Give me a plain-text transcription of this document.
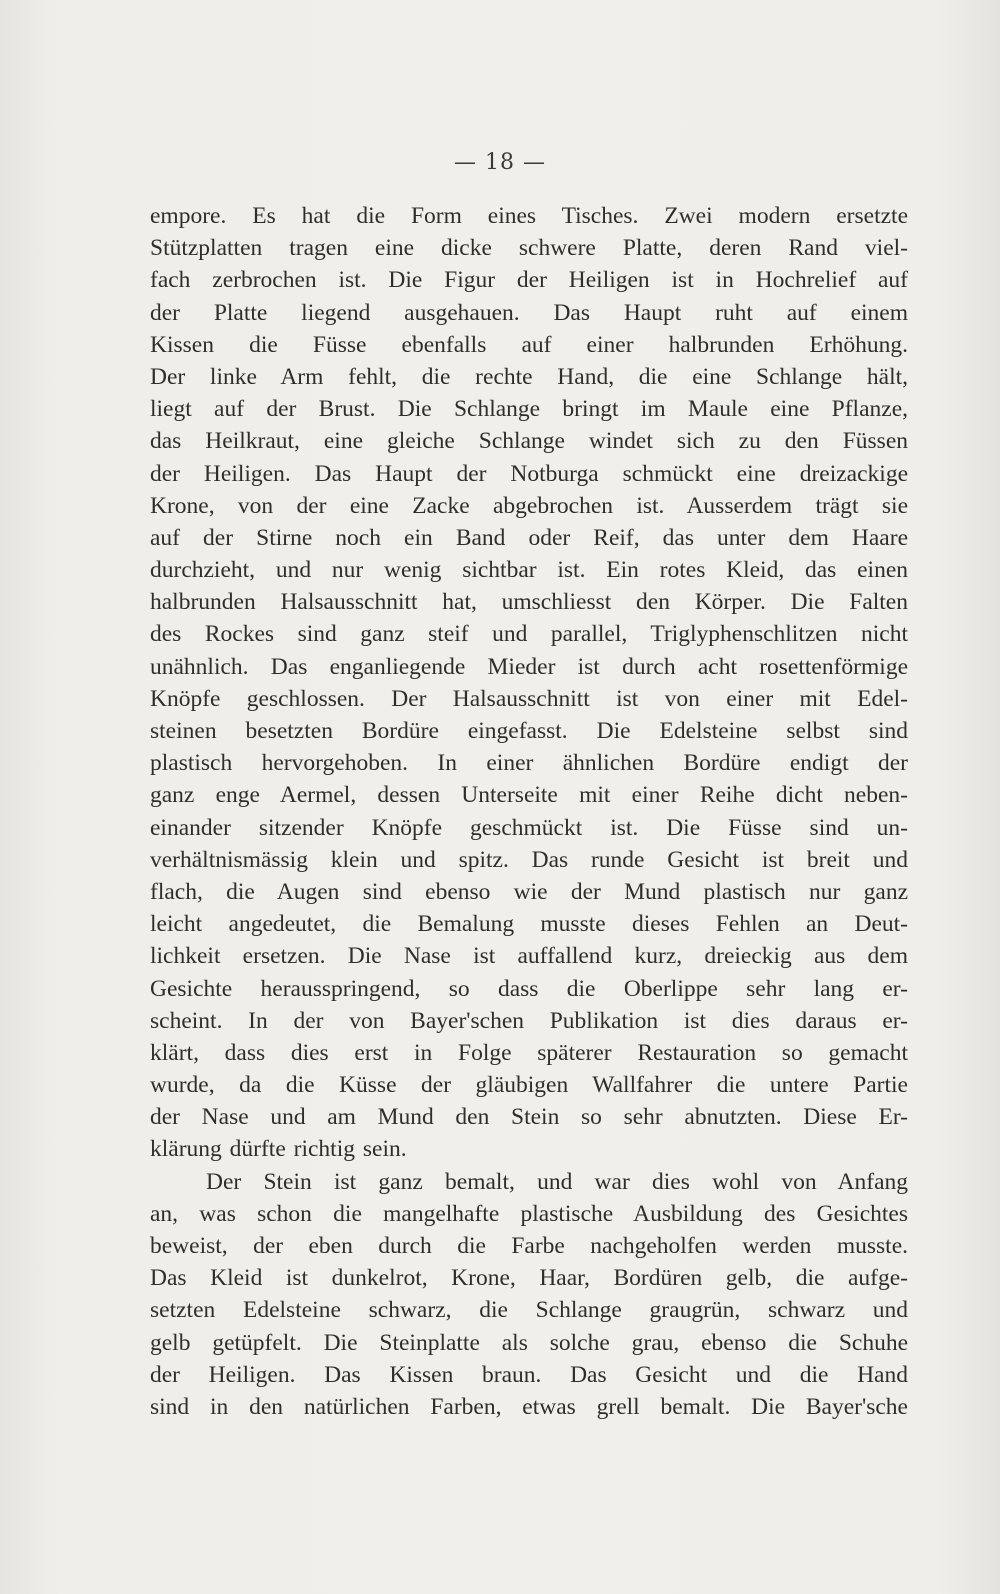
— 18 —
empore. Es hat die Form eines Tisches. Zwei modern ersetzte
Stützplatten tragen eine dicke schwere Platte, deren Rand viel-
fach zerbrochen ist. Die Figur der Heiligen ist in Hochrelief auf
der Platte liegend ausgehauen. Das Haupt ruht auf einem
Kissen die Füsse ebenfalls auf einer halbrunden Erhöhung.
Der linke Arm fehlt, die rechte Hand, die eine Schlange hält,
liegt auf der Brust. Die Schlange bringt im Maule eine Pflanze,
das Heilkraut, eine gleiche Schlange windet sich zu den Füssen
der Heiligen. Das Haupt der Notburga schmückt eine dreizackige
Krone, von der eine Zacke abgebrochen ist. Ausserdem trägt sie
auf der Stirne noch ein Band oder Reif, das unter dem Haare
durchzieht, und nur wenig sichtbar ist. Ein rotes Kleid, das einen
halbrunden Halsausschnitt hat, umschliesst den Körper. Die Falten
des Rockes sind ganz steif und parallel, Triglyphenschlitzen nicht
unähnlich. Das enganliegende Mieder ist durch acht rosettenförmige
Knöpfe geschlossen. Der Halsausschnitt ist von einer mit Edel-
steinen besetzten Bordüre eingefasst. Die Edelsteine selbst sind
plastisch hervorgehoben. In einer ähnlichen Bordüre endigt der
ganz enge Aermel, dessen Unterseite mit einer Reihe dicht neben-
einander sitzender Knöpfe geschmückt ist. Die Füsse sind un-
verhältnismässig klein und spitz. Das runde Gesicht ist breit und
flach, die Augen sind ebenso wie der Mund plastisch nur ganz
leicht angedeutet, die Bemalung musste dieses Fehlen an Deut-
lichkeit ersetzen. Die Nase ist auffallend kurz, dreieckig aus dem
Gesichte herausspringend, so dass die Oberlippe sehr lang er-
scheint. In der von Bayer'schen Publikation ist dies daraus er-
klärt, dass dies erst in Folge späterer Restauration so gemacht
wurde, da die Küsse der gläubigen Wallfahrer die untere Partie
der Nase und am Mund den Stein so sehr abnutzten. Diese Er-
klärung dürfte richtig sein.
Der Stein ist ganz bemalt, und war dies wohl von Anfang
an, was schon die mangelhafte plastische Ausbildung des Gesichtes
beweist, der eben durch die Farbe nachgeholfen werden musste.
Das Kleid ist dunkelrot, Krone, Haar, Bordüren gelb, die aufge-
setzten Edelsteine schwarz, die Schlange graugrün, schwarz und
gelb getüpfelt. Die Steinplatte als solche grau, ebenso die Schuhe
der Heiligen. Das Kissen braun. Das Gesicht und die Hand
sind in den natürlichen Farben, etwas grell bemalt. Die Bayer'sche
